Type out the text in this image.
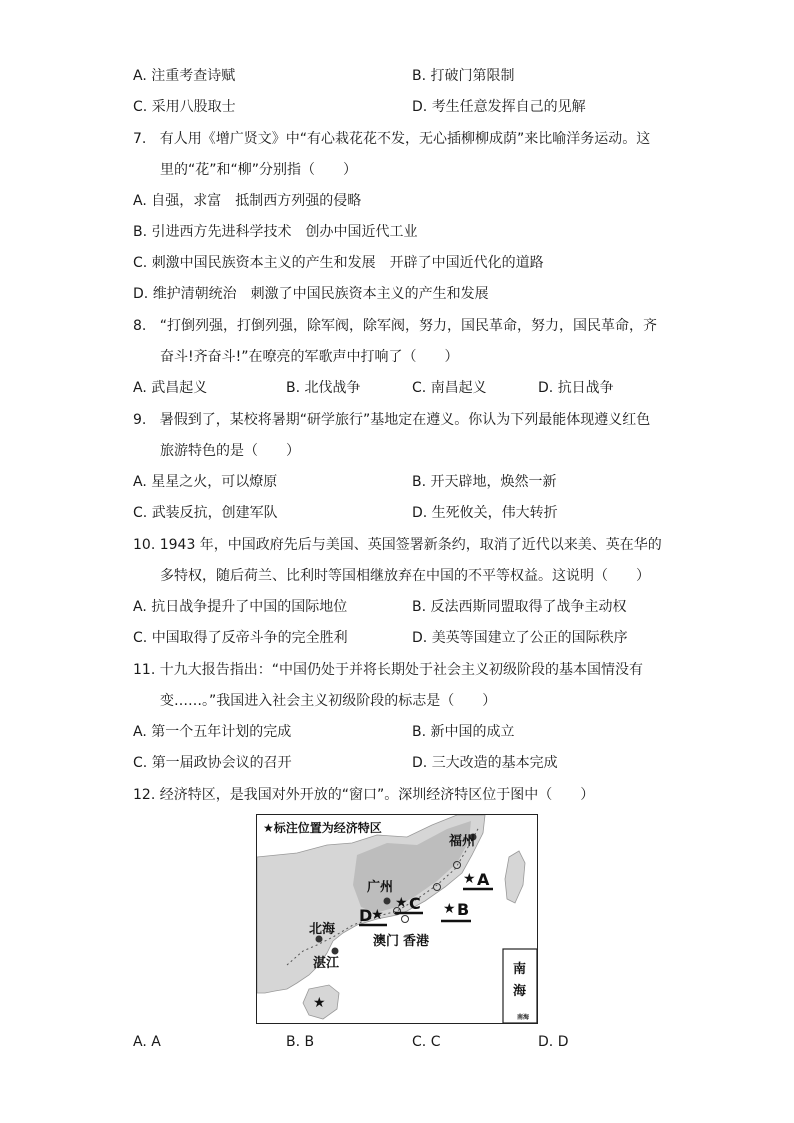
A. 注重考查诗赋	B. 打破门第限制
C. 采用八股取士	D. 考生任意发挥自己的见解
7. 有人用《增广贤文》中“有心栽花花不发，无心插柳柳成荫”来比喻洋务运动。这
里的“花”和“柳”分别指（　　）
A. 自强，求富　抵制西方列强的侵略
B. 引进西方先进科学技术　创办中国近代工业
C. 刺激中国民族资本主义的产生和发展　开辟了中国近代化的道路
D. 维护清朝统治　刺激了中国民族资本主义的产生和发展
8. “打倒列强，打倒列强，除军阀，除军阀，努力，国民革命，努力，国民革命，齐
奋斗!齐奋斗!”在嘹亮的军歌声中打响了（　　）
A. 武昌起义	B. 北伐战争	C. 南昌起义	D. 抗日战争
9. 暑假到了，某校将暑期“研学旅行”基地定在遵义。你认为下列最能体现遵义红色
旅游特色的是（　　）
A. 星星之火，可以燎原	B. 开天辟地，焕然一新
C. 武装反抗，创建军队	D. 生死攸关，伟大转折
10. 1943 年，中国政府先后与美国、英国签署新条约，取消了近代以来美、英在华的
多特权，随后荷兰、比利时等国相继放弃在中国的不平等权益。这说明（　　）
A. 抗日战争提升了中国的国际地位	B. 反法西斯同盟取得了战争主动权
C. 中国取得了反帝斗争的完全胜利	D. 美英等国建立了公正的国际秩序
11. 十九大报告指出：“中国仍处于并将长期处于社会主义初级阶段的基本国情没有
变……。”我国进入社会主义初级阶段的标志是（　　）
A. 第一个五年计划的完成	B. 新中国的成立
C. 第一届政协会议的召开	D. 三大改造的基本完成
12. 经济特区，是我国对外开放的“窗口”。深圳经济特区位于图中（　　）
★标注位置为经济特区
福州
广州
北海
湛江
澳门 香港
★ A
★ B
★ C
D
★
★
南
海
南海
A. A	B. B	C. C	D. D
